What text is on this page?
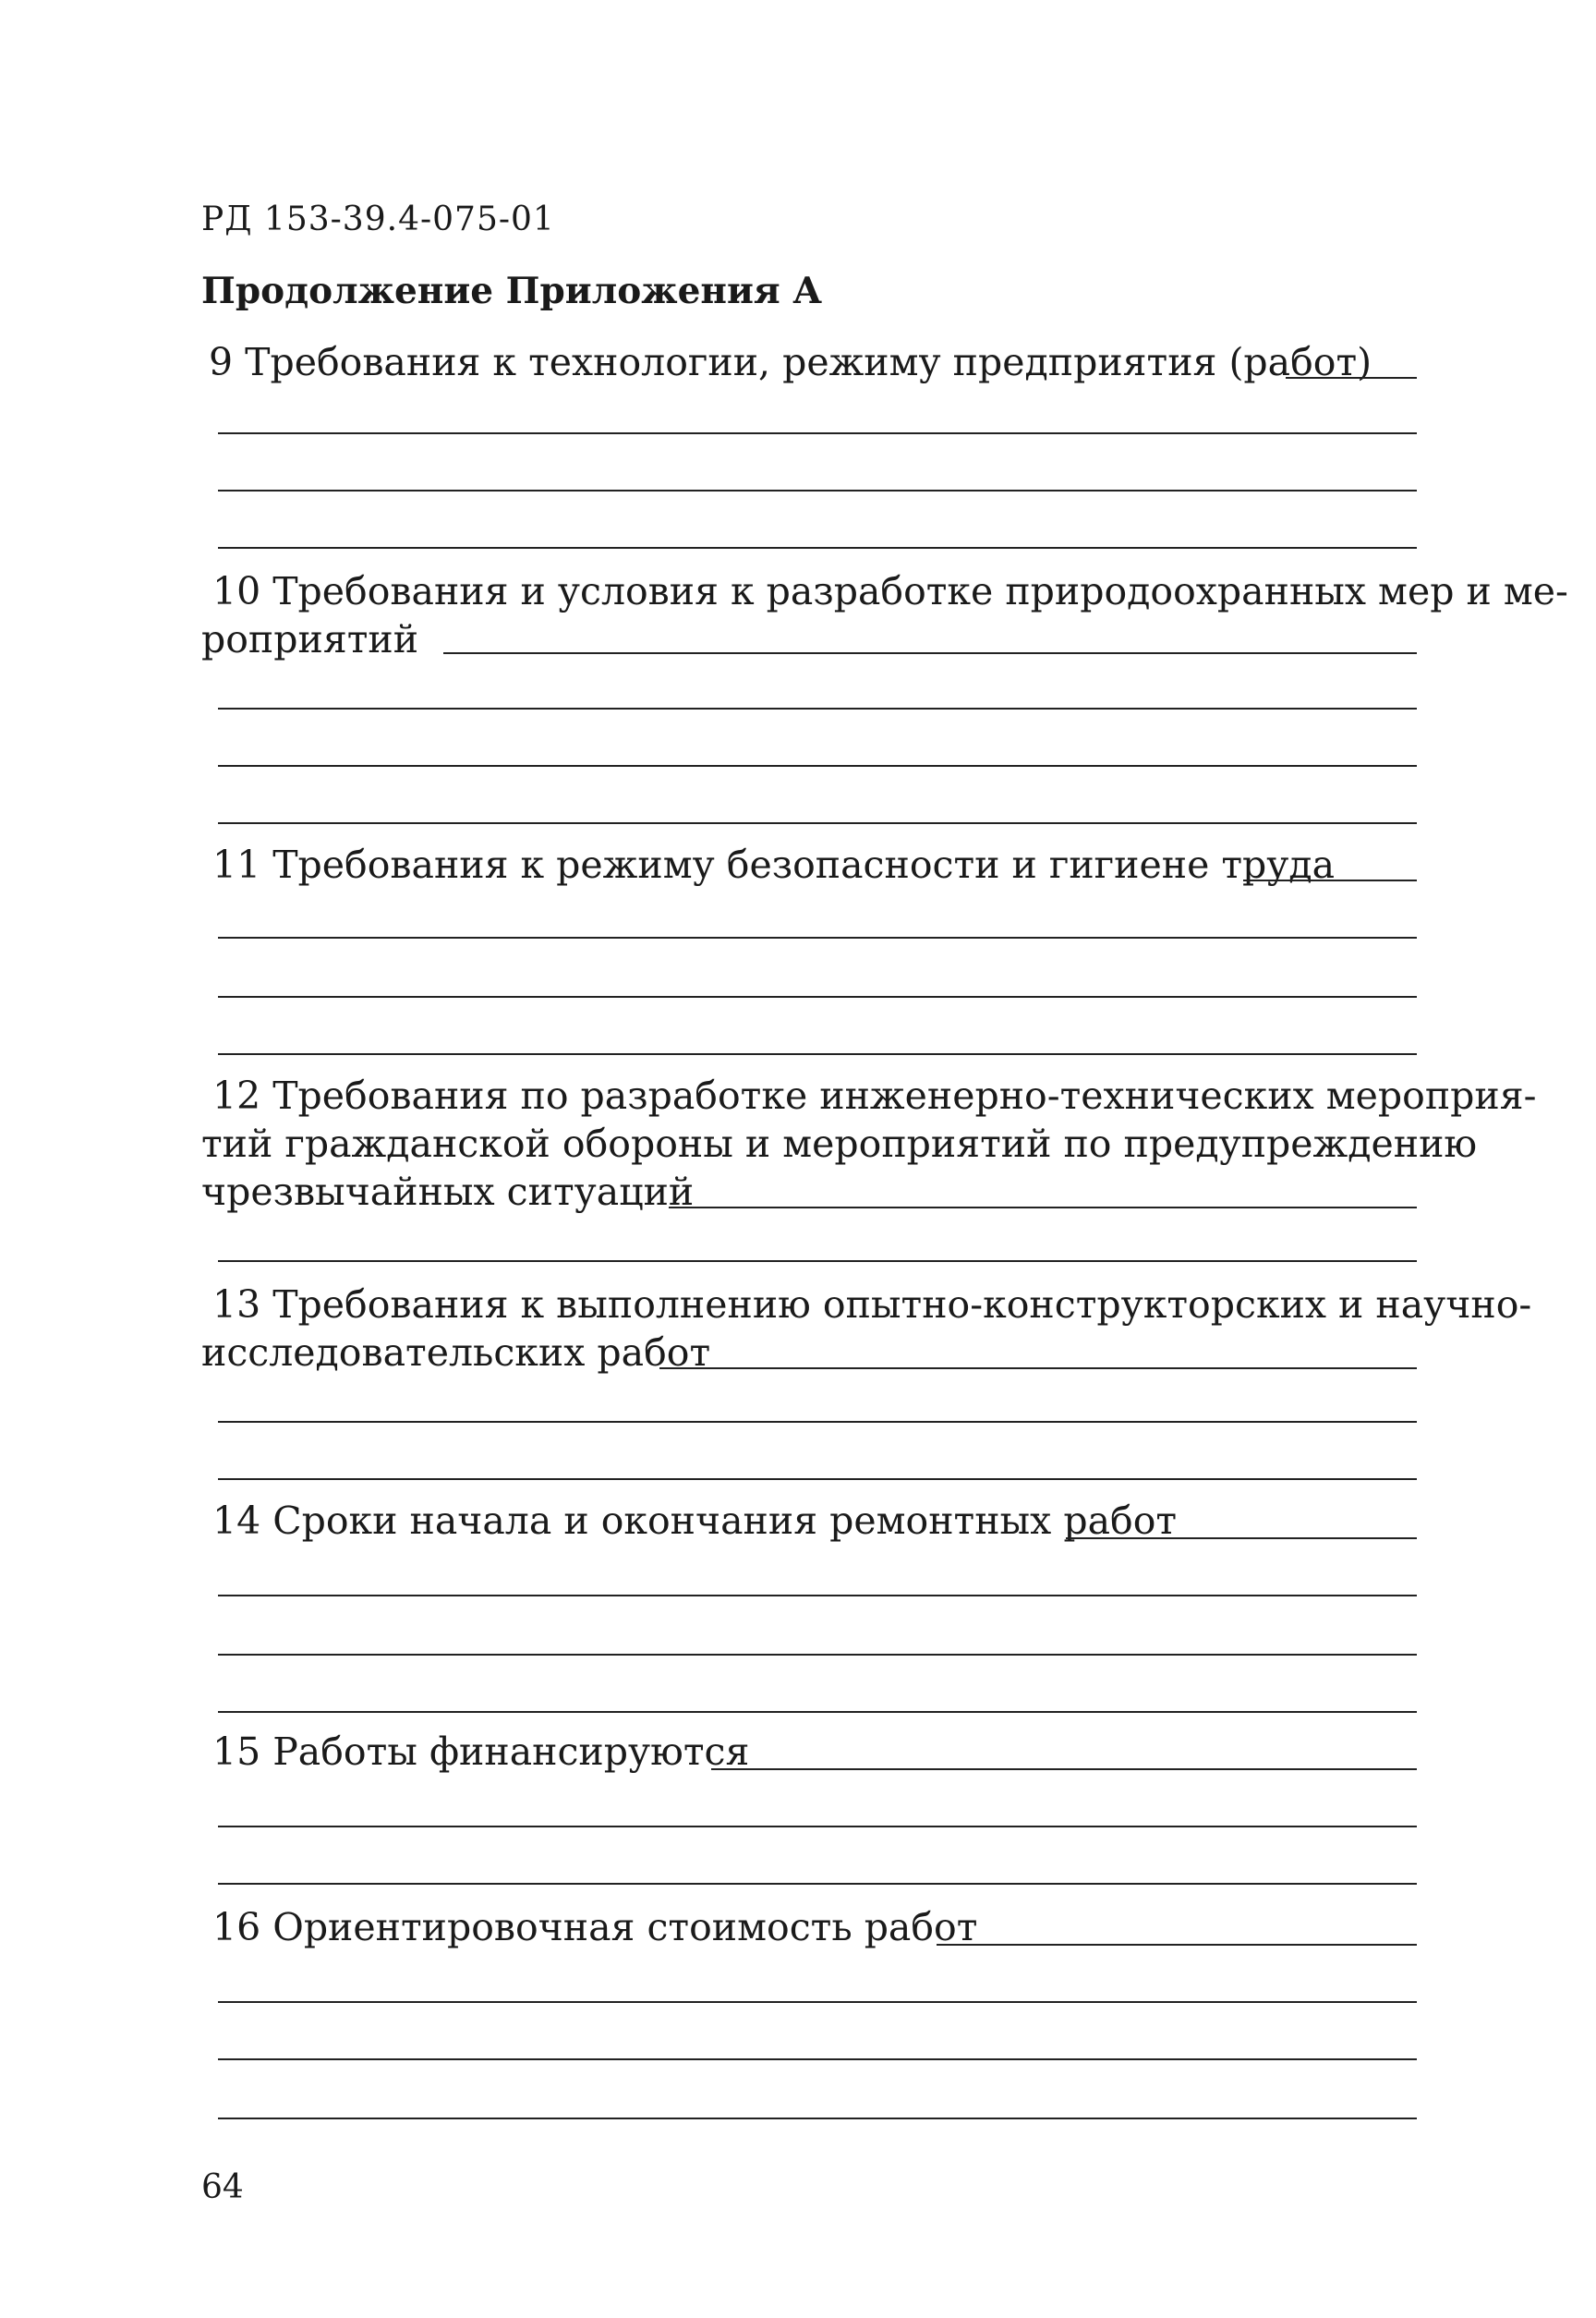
РД 153-39.4-075-01
Продолжение Приложения А
9 Требования к технологии, режиму предприятия (работ)
10 Требования и условия к разработке природоохранных мер и ме-
роприятий
11 Требования к режиму безопасности и гигиене труда
12 Требования по разработке инженерно-технических мероприя-
тий гражданской обороны и мероприятий по предупреждению
чрезвычайных ситуаций
13 Требования к выполнению опытно-конструкторских и научно-
исследовательских работ
14 Сроки начала и окончания ремонтных работ
15 Работы финансируются
16 Ориентировочная стоимость работ
64
